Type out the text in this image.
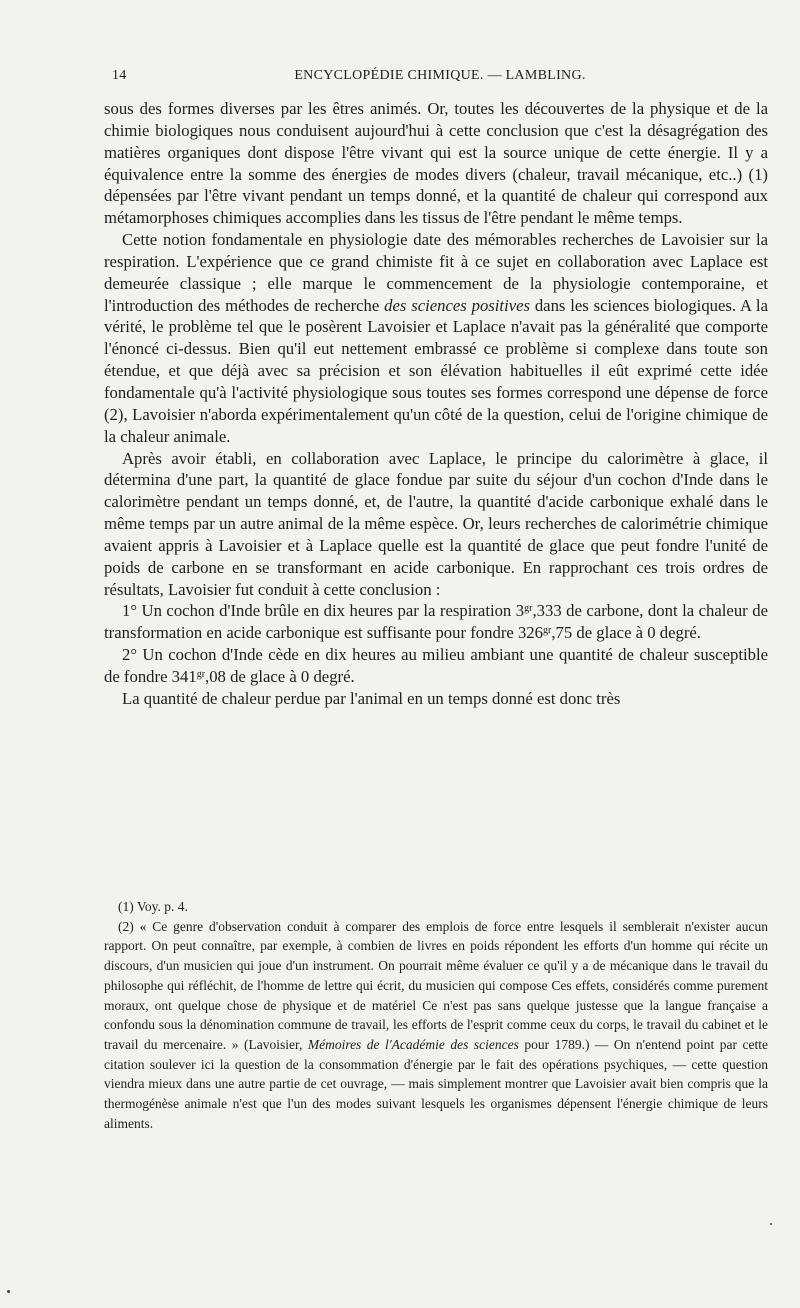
14	ENCYCLOPÉDIE CHIMIQUE. — LAMBLING.

sous des formes diverses par les êtres animés. Or, toutes les découvertes de la physique et de la chimie biologiques nous conduisent aujourd'hui à cette conclusion que c'est la désagrégation des matières organiques dont dispose l'être vivant qui est la source unique de cette énergie. Il y a équivalence entre la somme des énergies de modes divers (chaleur, travail mécanique, etc..) (1) dépensées par l'être vivant pendant un temps donné, et la quantité de chaleur qui correspond aux métamorphoses chimiques accomplies dans les tissus de l'être pendant le même temps.

Cette notion fondamentale en physiologie date des mémorables recherches de Lavoisier sur la respiration. L'expérience que ce grand chimiste fit à ce sujet en collaboration avec Laplace est demeurée classique ; elle marque le commencement de la physiologie contemporaine, et l'introduction des méthodes de recherche des sciences positives dans les sciences biologiques. A la vérité, le problème tel que le posèrent Lavoisier et Laplace n'avait pas la généralité que comporte l'énoncé ci-dessus. Bien qu'il eut nettement embrassé ce problème si complexe dans toute son étendue, et que déjà avec sa précision et son élévation habituelles il eût exprimé cette idée fondamentale qu'à l'activité physiologique sous toutes ses formes correspond une dépense de force (2), Lavoisier n'aborda expérimentalement qu'un côté de la question, celui de l'origine chimique de la chaleur animale.

Après avoir établi, en collaboration avec Laplace, le principe du calorimètre à glace, il détermina d'une part, la quantité de glace fondue par suite du séjour d'un cochon d'Inde dans le calorimètre pendant un temps donné, et, de l'autre, la quantité d'acide carbonique exhalé dans le même temps par un autre animal de la même espèce. Or, leurs recherches de calorimétrie chimique avaient appris à Lavoisier et à Laplace quelle est la quantité de glace que peut fondre l'unité de poids de carbone en se transformant en acide carbonique. En rapprochant ces trois ordres de résultats, Lavoisier fut conduit à cette conclusion :

1° Un cochon d'Inde brûle en dix heures par la respiration $3^{gr},333$ de carbone, dont la chaleur de transformation en acide carbonique est suffisante pour fondre $326^{gr},75$ de glace à 0 degré.

2° Un cochon d'Inde cède en dix heures au milieu ambiant une quantité de chaleur susceptible de fondre $341^{gr},08$ de glace à 0 degré.

La quantité de chaleur perdue par l'animal en un temps donné est donc très

(1) Voy. p. 4.

(2) « Ce genre d'observation conduit à comparer des emplois de force entre lesquels il semblerait n'exister aucun rapport. On peut connaître, par exemple, à combien de livres en poids répondent les efforts d'un homme qui récite un discours, d'un musicien qui joue d'un instrument. On pourrait même évaluer ce qu'il y a de mécanique dans le travail du philosophe qui réfléchit, de l'homme de lettre qui écrit, du musicien qui compose Ces effets, considérés comme purement moraux, ont quelque chose de physique et de matériel Ce n'est pas sans quelque justesse que la langue française a confondu sous la dénomination commune de travail, les efforts de l'esprit comme ceux du corps, le travail du cabinet et le travail du mercenaire. » (Lavoisier, Mémoires de l'Académie des sciences pour 1789.) — On n'entend point par cette citation soulever ici la question de la consommation d'énergie par le fait des opérations psychiques, — cette question viendra mieux dans une autre partie de cet ouvrage, — mais simplement montrer que Lavoisier avait bien compris que la thermogénèse animale n'est que l'un des modes suivant lesquels les organismes dépensent l'énergie chimique de leurs aliments.
